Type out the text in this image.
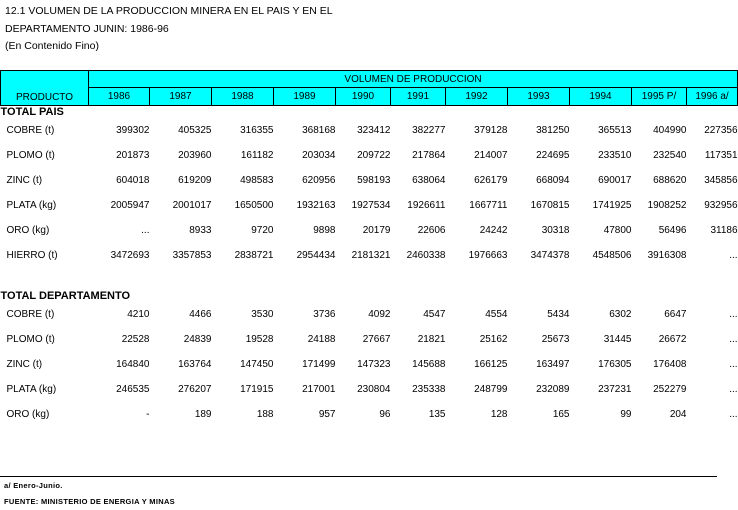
12.1 VOLUMEN DE LA PRODUCCION MINERA EN EL PAIS Y EN EL
DEPARTAMENTO JUNIN: 1986-96
(En Contenido Fino)
PRODUCTO	VOLUMEN DE PRODUCCION										
	1986	1987	1988	1989	1990	1991	1992	1993	1994	1995 P/	1996 a/
TOTAL PAIS											
COBRE (t)	399302	405325	316355	368168	323412	382277	379128	381250	365513	404990	227356
PLOMO (t)	201873	203960	161182	203034	209722	217864	214007	224695	233510	232540	117351
ZINC (t)	604018	619209	498583	620956	598193	638064	626179	668094	690017	688620	345856
PLATA (kg)	2005947	2001017	1650500	1932163	1927534	1926611	1667711	1670815	1741925	1908252	932956
ORO (kg)	...	8933	9720	9898	20179	22606	24242	30318	47800	56496	31186
HIERRO (t)	3472693	3357853	2838721	2954434	2181321	2460338	1976663	3474378	4548506	3916308	...

TOTAL DEPARTAMENTO											
COBRE (t)	4210	4466	3530	3736	4092	4547	4554	5434	6302	6647	...
PLOMO (t)	22528	24839	19528	24188	27667	21821	25162	25673	31445	26672	...
ZINC (t)	164840	163764	147450	171499	147323	145688	166125	163497	176305	176408	...
PLATA (kg)	246535	276207	171915	217001	230804	235338	248799	232089	237231	252279	...
ORO (kg)	-	189	188	957	96	135	128	165	99	204	...
a/ Enero-Junio.
FUENTE: MINISTERIO DE ENERGIA Y MINAS
